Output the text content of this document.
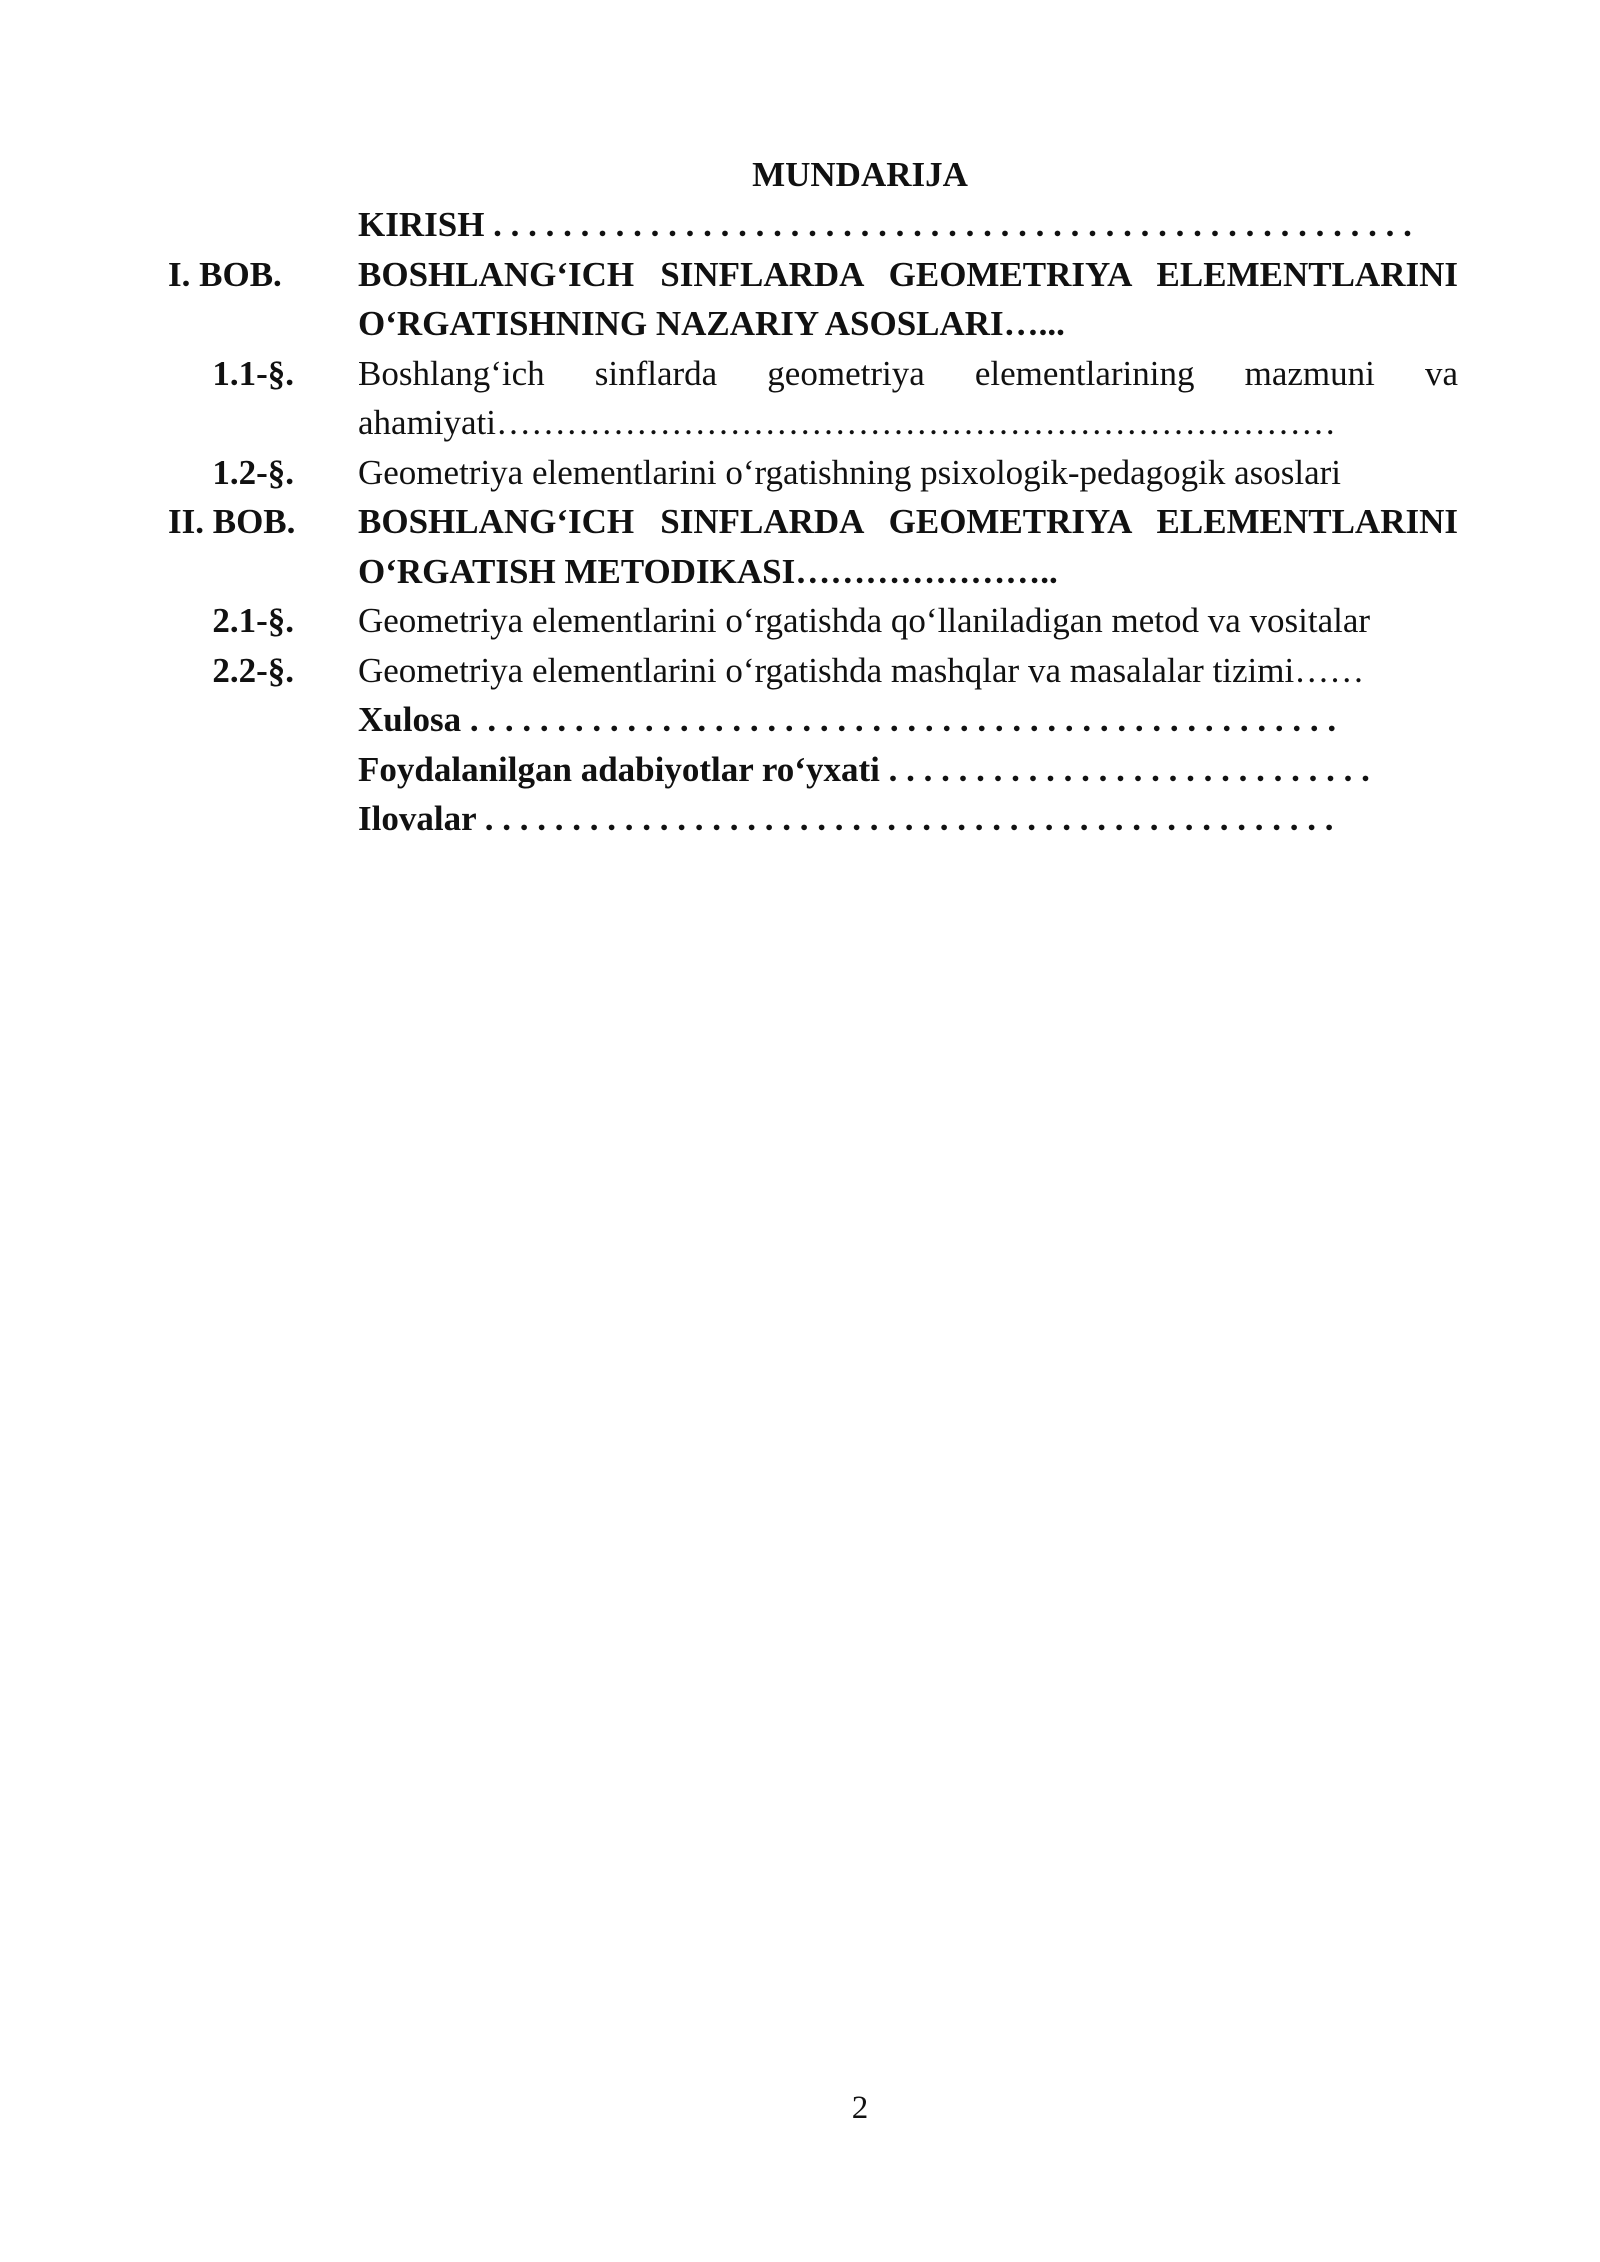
MUNDARIJA
KIRISH . . . . . . . . . . . . . . . . . . . . . . . . . . . . . . . . . . . . . . . . . . . . . . . . . . . . .
I. BOB.	BOSHLANG‘ICH SINFLARDA GEOMETRIYA ELEMENTLARINI O‘RGATISHNING NAZARIY ASOSLARI…...
1.1-§.	Boshlang‘ich sinflarda geometriya elementlarining mazmuni va ahamiyati………………………………………………………………
1.2-§.	Geometriya elementlarini o‘rgatishning psixologik-pedagogik asoslari
II. BOB.	BOSHLANG‘ICH SINFLARDA GEOMETRIYA ELEMENTLARINI O‘RGATISH METODIKASI…………………..
2.1-§.	Geometriya elementlarini o‘rgatishda qo‘llaniladigan metod va vositalar
2.2-§.	Geometriya elementlarini o‘rgatishda mashqlar va masalalar tizimi……
Xulosa . . . . . . . . . . . . . . . . . . . . . . . . . . . . . . . . . . . . . . . . . . . . . . . . . .
Foydalanilgan adabiyotlar ro‘yxati . . . . . . . . . . . . . . . . . . . . . . . . . . . .
Ilovalar . . . . . . . . . . . . . . . . . . . . . . . . . . . . . . . . . . . . . . . . . . . . . . . . .
2
